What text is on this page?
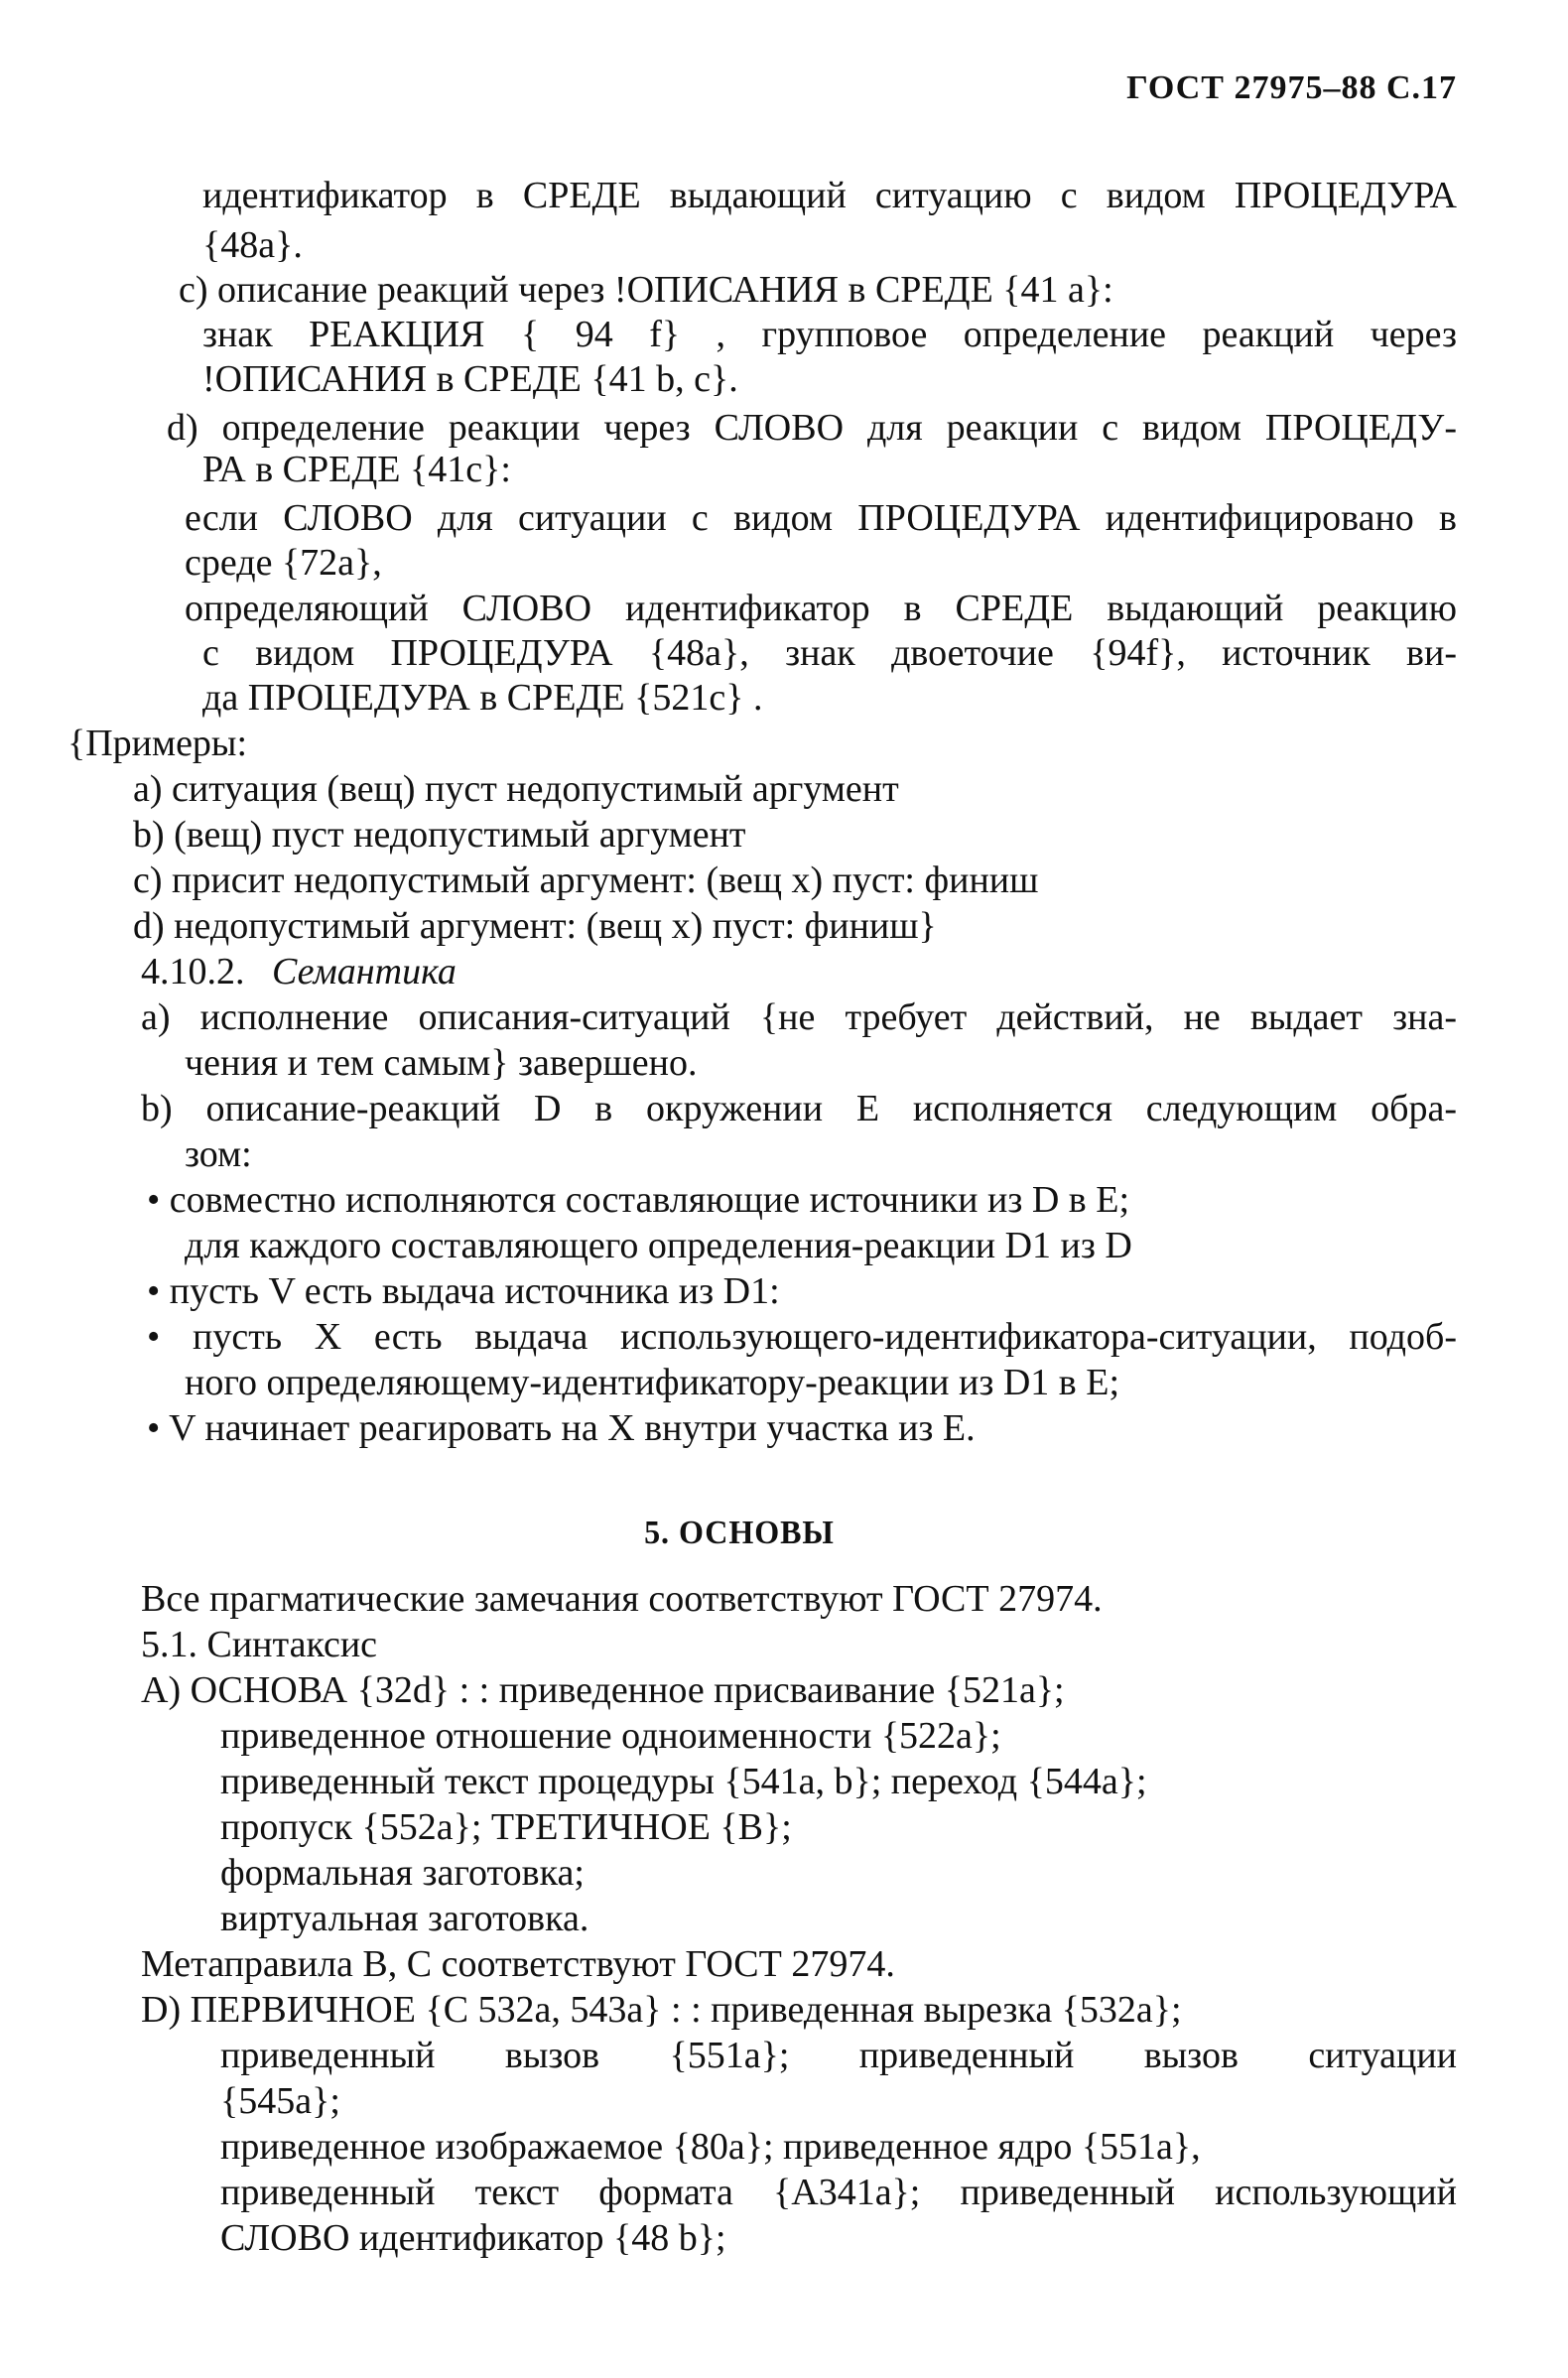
ГОСТ 27975–88 С.17
идентификатор в СРЕДЕ выдающий ситуацию с видом ПРОЦЕДУРА
{48a}.
c) описание реакций через !ОПИСАНИЯ в СРЕДЕ {41 a}:
знак РЕАКЦИЯ { 94 f} , групповое определение реакций через
!ОПИСАНИЯ в СРЕДЕ {41 b, c}.
d) определение реакции через СЛОВО для реакции с видом ПРОЦЕДУ-
РА в СРЕДЕ {41c}:
если СЛОВО для ситуации с видом ПРОЦЕДУРА идентифицировано в
среде {72a},
определяющий СЛОВО идентификатор в СРЕДЕ выдающий реакцию
с видом ПРОЦЕДУРА {48a}, знак двоеточие {94f}, источник ви-
да ПРОЦЕДУРА в СРЕДЕ {521c} .
{Примеры:
a) ситуация (вещ) пуст недопустимый аргумент
b) (вещ) пуст недопустимый аргумент
c) присит недопустимый аргумент: (вещ x) пуст: финиш
d) недопустимый аргумент: (вещ x) пуст: финиш}
4.10.2. Семантика
a) исполнение описания-ситуаций {не требует действий, не выдает зна-
чения и тем самым} завершено.
b) описание-реакций D в окружении E исполняется следующим обра-
зом:
• совместно исполняются составляющие источники из D в E;
для каждого составляющего определения-реакции D1 из D
• пусть V есть выдача источника из D1:
• пусть X есть выдача использующего-идентификатора-ситуации, подоб-
ного определяющему-идентификатору-реакции из D1 в E;
• V начинает реагировать на X внутри участка из E.
5. ОСНОВЫ
Все прагматические замечания соответствуют ГОСТ 27974.
5.1. Синтаксис
A) ОСНОВА {32d} : : приведенное присваивание {521a};
приведенное отношение одноименности {522a};
приведенный текст процедуры {541a, b}; переход {544a};
пропуск {552a}; ТРЕТИЧНОЕ {B};
формальная заготовка;
виртуальная заготовка.
Метаправила B, C соответствуют ГОСТ 27974.
D) ПЕРВИЧНОЕ {C 532a, 543a} : : приведенная вырезка {532a};
приведенный вызов {551a}; приведенный вызов ситуации
{545a};
приведенное изображаемое {80a}; приведенное ядро {551a},
приведенный текст формата {A341a}; приведенный использующий
СЛОВО идентификатор {48 b};
